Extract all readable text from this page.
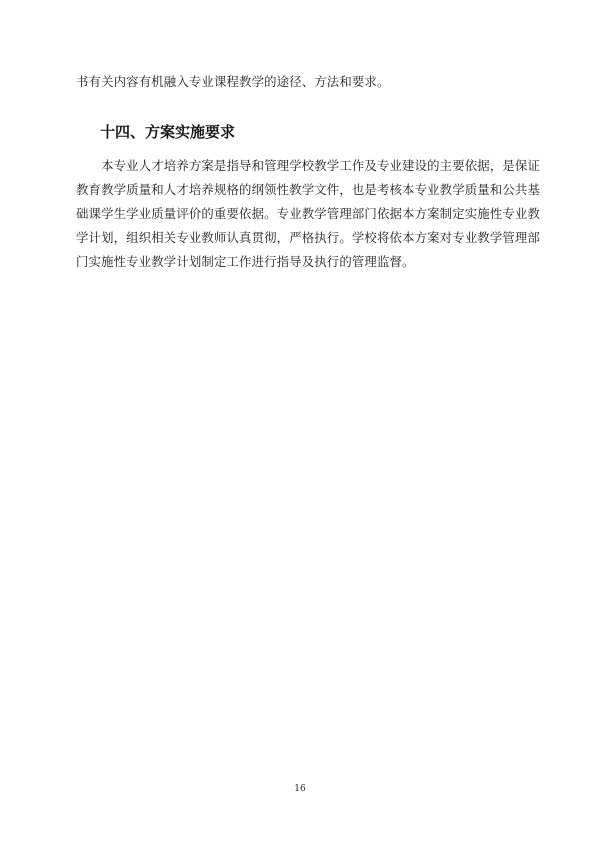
书有关内容有机融入专业课程教学的途径、方法和要求。
十四、方案实施要求
　　本专业人才培养方案是指导和管理学校教学工作及专业建设的主要依据，是保证
教育教学质量和人才培养规格的纲领性教学文件，也是考核本专业教学质量和公共基
础课学生学业质量评价的重要依据。专业教学管理部门依据本方案制定实施性专业教
学计划，组织相关专业教师认真贯彻，严格执行。学校将依本方案对专业教学管理部
门实施性专业教学计划制定工作进行指导及执行的管理监督。
16
